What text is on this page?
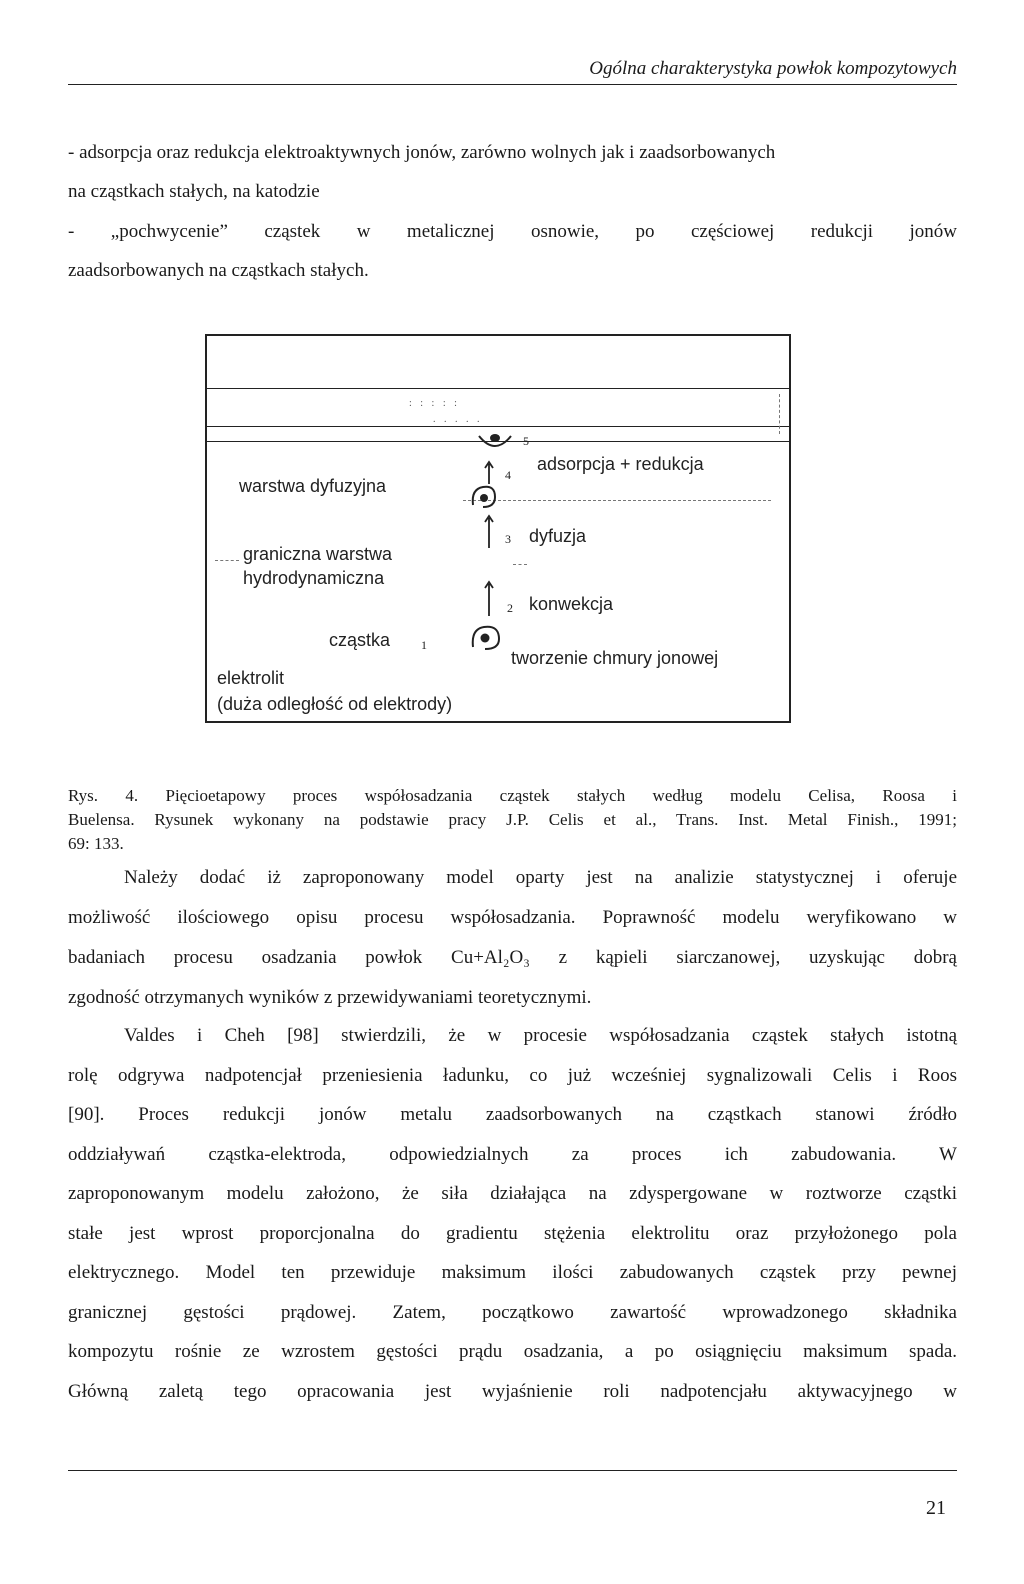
Ogólna charakterystyka powłok kompozytowych
- adsorpcja oraz redukcja elektroaktywnych jonów, zarówno wolnych jak i zaadsorbowanych
na cząstkach stałych, na katodzie
- „pochwycenie” cząstek w metalicznej osnowie, po częściowej redukcji jonów
zaadsorbowanych na cząstkach stałych.
: : : : :
. . . . .
5
4
adsorpcja + redukcja
warstwa dyfuzyjna
3 dyfuzja
graniczna warstwa
hydrodynamiczna
2 konwekcja
cząstka	1
tworzenie chmury jonowej
elektrolit
(duża odległość od elektrody)
Rys. 4. Pięcioetapowy proces współosadzania cząstek stałych według modelu Celisa, Roosa i
Buelensa. Rysunek wykonany na podstawie pracy J.P. Celis et al., Trans. Inst. Metal Finish., 1991;
69: 133.
Należy dodać iż zaproponowany model oparty jest na analizie statystycznej i oferuje
możliwość ilościowego opisu procesu współosadzania. Poprawność modelu weryfikowano w
badaniach procesu osadzania powłok Cu+Al₂O₃ z kąpieli siarczanowej, uzyskując dobrą
zgodność otrzymanych wyników z przewidywaniami teoretycznymi.
Valdes i Cheh [98] stwierdzili, że w procesie współosadzania cząstek stałych istotną
rolę odgrywa nadpotencjał przeniesienia ładunku, co już wcześniej sygnalizowali Celis i Roos
[90]. Proces redukcji jonów metalu zaadsorbowanych na cząstkach stanowi źródło
oddziaływań cząstka-elektroda, odpowiedzialnych za proces ich zabudowania. W
zaproponowanym modelu założono, że siła działająca na zdyspergowane w roztworze cząstki
stałe jest wprost proporcjonalna do gradientu stężenia elektrolitu oraz przyłożonego pola
elektrycznego. Model ten przewiduje maksimum ilości zabudowanych cząstek przy pewnej
granicznej gęstości prądowej. Zatem, początkowo zawartość wprowadzonego składnika
kompozytu rośnie ze wzrostem gęstości prądu osadzania, a po osiągnięciu maksimum spada.
Główną zaletą tego opracowania jest wyjaśnienie roli nadpotencjału aktywacyjnego w
21
